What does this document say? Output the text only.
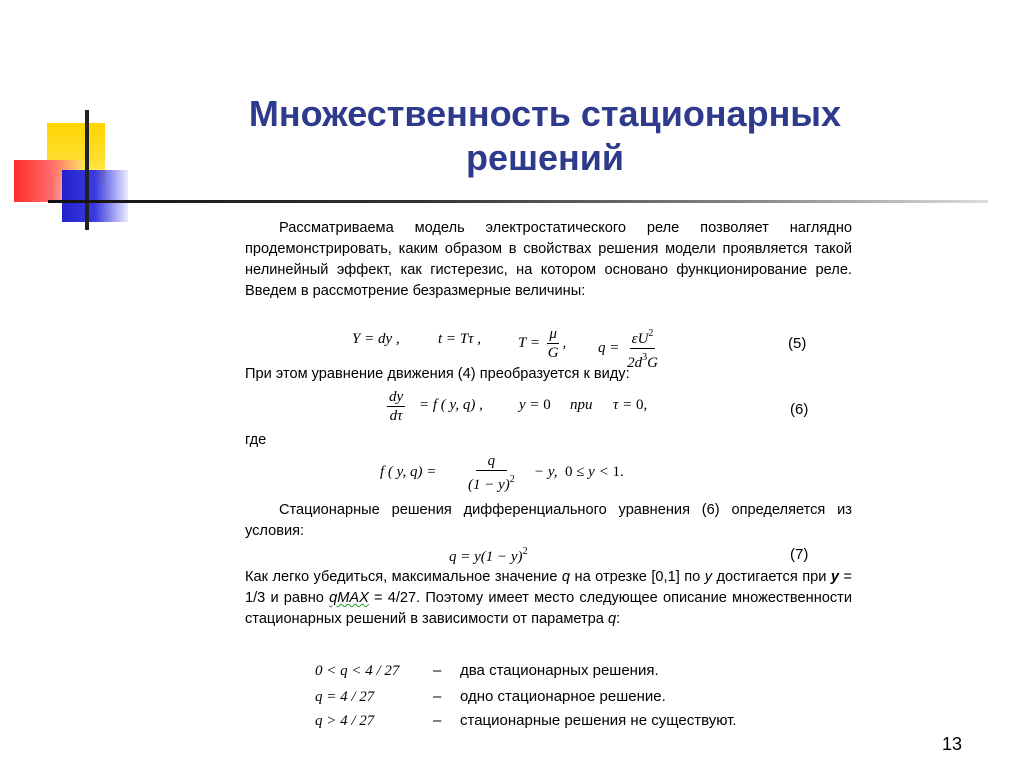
Множественность стационарных
решений
Рассматриваема модель электростатического реле позволяет наглядно продемонстрировать, каким образом в свойствах решения модели проявляется такой нелинейный эффект, как гистерезис, на котором основано функционирование реле. Введем в рассмотрение безразмерные величины:
Y = dy ,	t = Tτ , $T = \frac{\mu}{G}$ , $q = \frac{\varepsilon U^2}{2d^3G}$	(5)
При этом уравнение движения (4) преобразуется к виду:
$\frac{dy}{d\tau} = f$ ( y, q) , y = 0 npu τ = 0,	(6)
где
f ( y, $q) = \frac{q}{(1 - y)^2} - y$,  0 ≤ y < 1.
Стационарные решения дифференциального уравнения (6) определяется из условия:
$q = y(1 - y)^2$	(7)
Как легко убедиться, максимальное значение q на отрезке [0,1] по y достигается при y = 1/3 и равно qMAX = 4/27. Поэтому имеет место следующее описание множественности стационарных решений в зависимости от параметра q:
0 < q < 4 / 27 – два стационарных решения.
q = 4 / 27	– одно стационарное решение.
q > 4 / 27	– стационарные решения не существуют.
13
